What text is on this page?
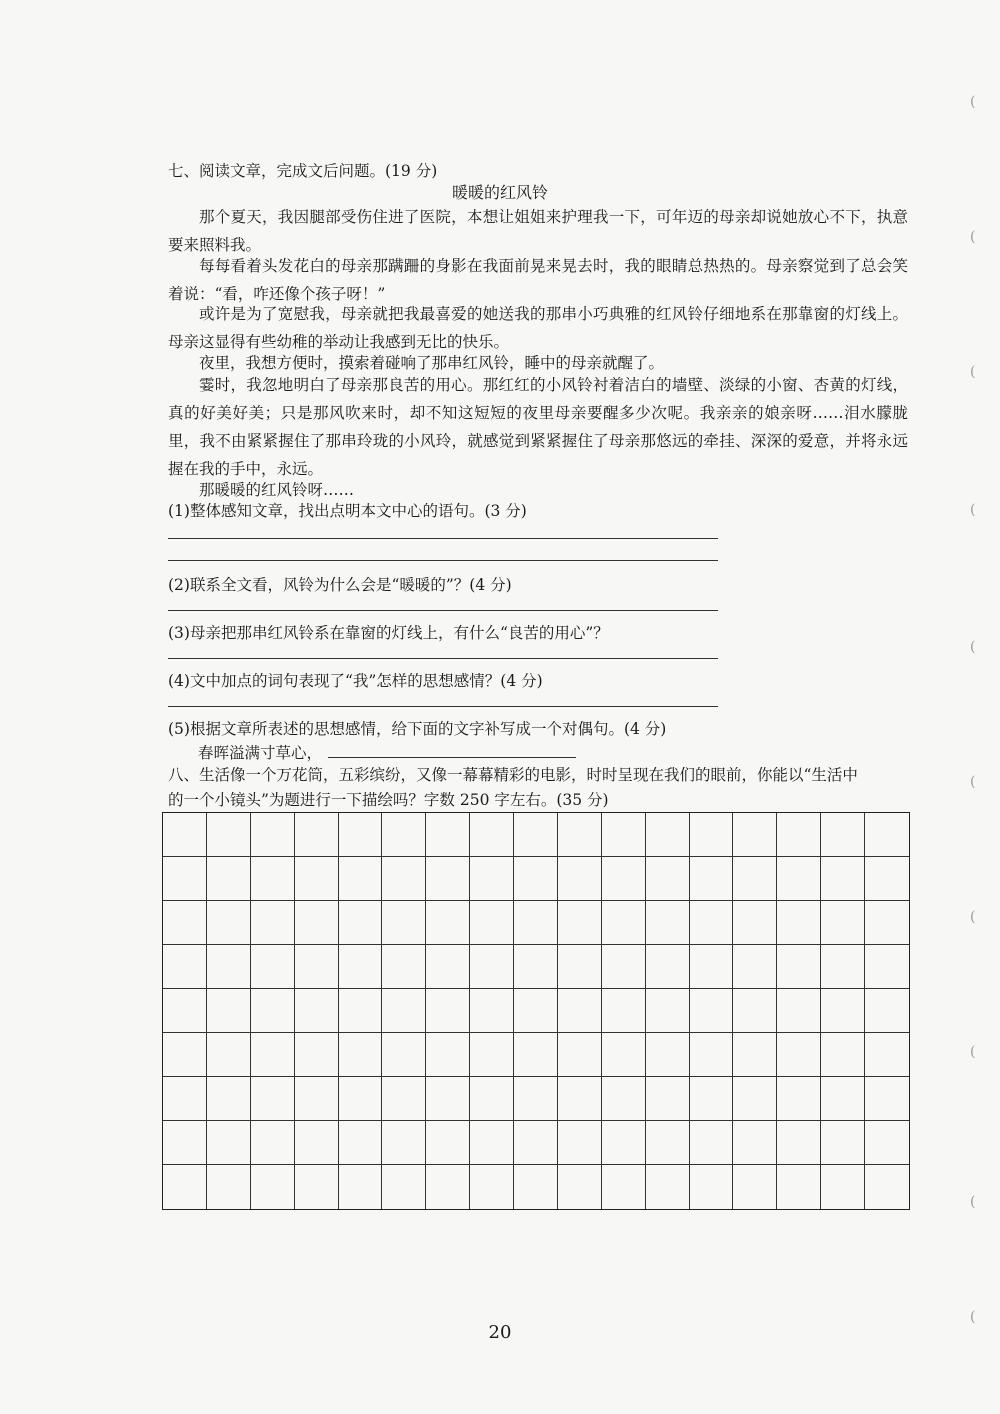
七、阅读文章，完成文后问题。(19 分)
暖暖的红风铃
那个夏天，我因腿部受伤住进了医院，本想让姐姐来护理我一下，可年迈的母亲却说她放心不下，执意要来照料我。
每每看着头发花白的母亲那蹒跚的身影在我面前晃来晃去时，我的眼睛总热热的。母亲察觉到了总会笑着说：“看，咋还像个孩子呀！”
或许是为了宽慰我，母亲就把我最喜爱的她送我的那串小巧典雅的红风铃仔细地系在那靠窗的灯线上。母亲这显得有些幼稚的举动让我感到无比的快乐。
夜里，我想方便时，摸索着碰响了那串红风铃，睡中的母亲就醒了。
霎时，我忽地明白了母亲那良苦的用心。那红红的小风铃衬着洁白的墙壁、淡绿的小窗、杏黄的灯线，真的好美好美；只是那风吹来时，却不知这短短的夜里母亲要醒多少次呢。我亲亲的娘亲呀……泪水朦胧里，我不由紧紧握住了那串玲珑的小风玲，就感觉到紧紧握住了母亲那悠远的牵挂、深深的爱意，并将永远握在我的手中，永远。
那暖暖的红风铃呀……
(1)整体感知文章，找出点明本文中心的语句。(3 分)
(2)联系全文看，风铃为什么会是“暖暖的”？(4 分)
(3)母亲把那串红风铃系在靠窗的灯线上，有什么“良苦的用心”？
(4)文中加点的词句表现了“我”怎样的思想感情？(4 分)
(5)根据文章所表述的思想感情，给下面的文字补写成一个对偶句。(4 分)
春晖溢满寸草心，
八、生活像一个万花筒，五彩缤纷，又像一幕幕精彩的电影，时时呈现在我们的眼前，你能以“生活中
的一个小镜头”为题进行一下描绘吗？字数 250 字左右。(35 分)
20
(
(
(
(
(
(
(
(
(
(
